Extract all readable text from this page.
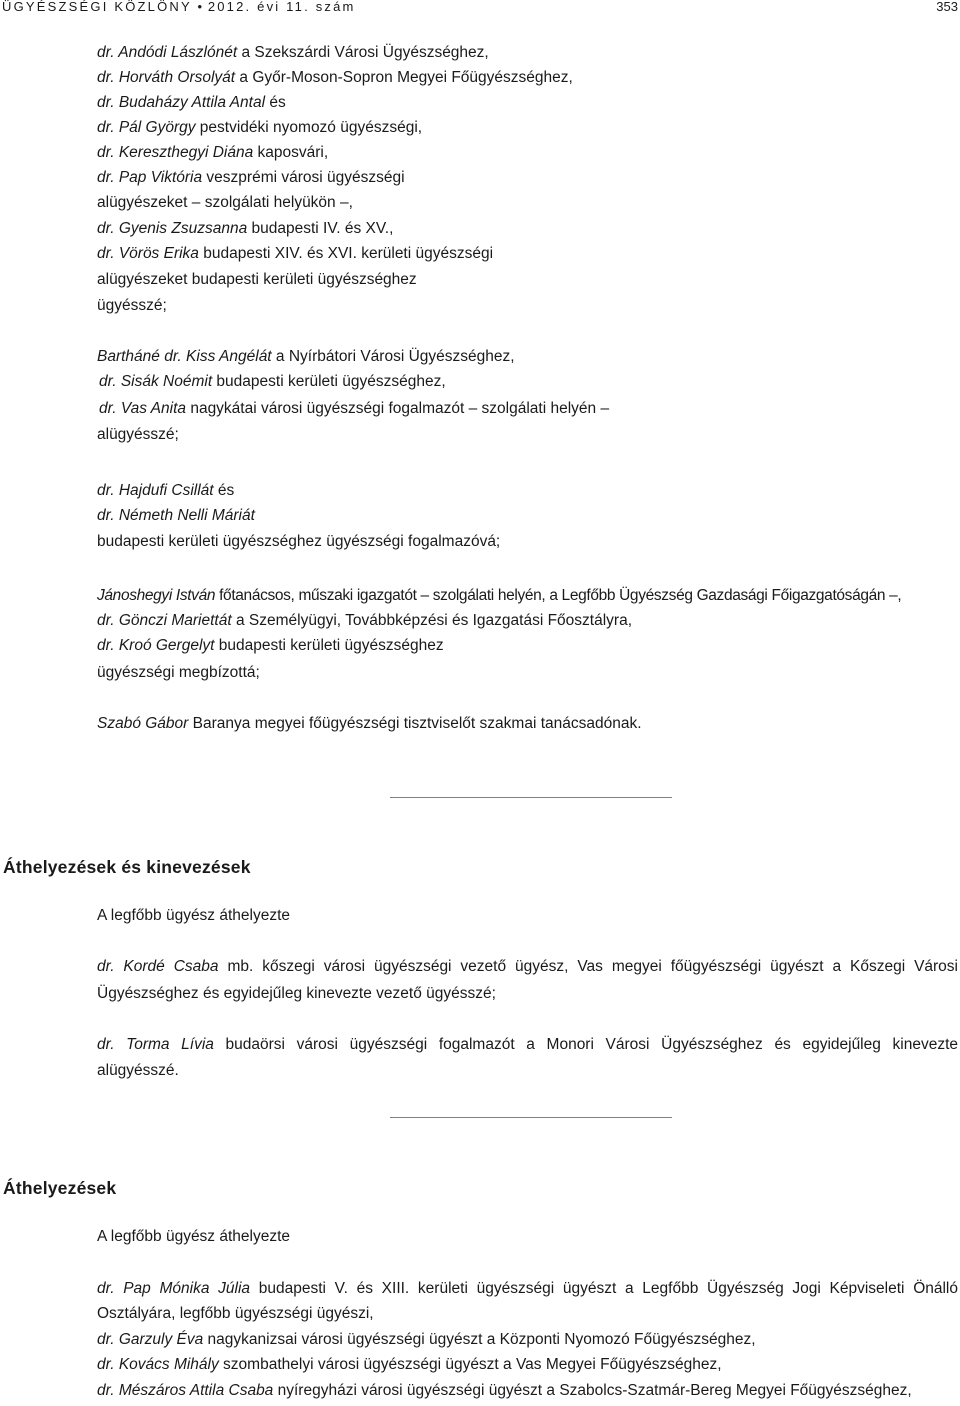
ÜGYÉSZSÉGI KÖZLÖNY • 2012. évi 11. szám	353
dr. Andódi Lászlónét a Szekszárdi Városi Ügyészséghez,
dr. Horváth Orsolyát a Győr-Moson-Sopron Megyei Főügyészséghez,
dr. Budaházy Attila Antal és
dr. Pál György pestvidéki nyomozó ügyészségi,
dr. Kereszthegyi Diána kaposvári,
dr. Pap Viktória veszprémi városi ügyészségi
alügyészeket – szolgálati helyükön –,
dr. Gyenis Zsuzsanna budapesti IV. és XV.,
dr. Vörös Erika budapesti XIV. és XVI. kerületi ügyészségi
alügyészeket budapesti kerületi ügyészséghez
ügyésszé;
Bartháné dr. Kiss Angélát a Nyírbátori Városi Ügyészséghez,
dr. Sisák Noémit budapesti kerületi ügyészséghez,
dr. Vas Anita nagykátai városi ügyészségi fogalmazót – szolgálati helyén –
alügyésszé;
dr. Hajdufi Csillát és
dr. Németh Nelli Máriát
budapesti kerületi ügyészséghez ügyészségi fogalmazóvá;
Jánoshegyi István főtanácsos, műszaki igazgatót – szolgálati helyén, a Legfőbb Ügyészség Gazdasági Főigazgatóságán –,
dr. Gönczi Mariettát a Személyügyi, Továbbképzési és Igazgatási Főosztályra,
dr. Kroó Gergelyt budapesti kerületi ügyészséghez
ügyészségi megbízottá;
Szabó Gábor Baranya megyei főügyészségi tisztviselőt szakmai tanácsadónak.
Áthelyezések és kinevezések
A legfőbb ügyész áthelyezte
dr. Kordé Csaba mb. kőszegi városi ügyészségi vezető ügyész, Vas megyei főügyészségi ügyészt a Kőszegi Városi
Ügyészséghez és egyidejűleg kinevezte vezető ügyésszé;
dr. Torma Lívia budaörsi városi ügyészségi fogalmazót a Monori Városi Ügyészséghez és egyidejűleg kinevezte
alügyésszé.
Áthelyezések
A legfőbb ügyész áthelyezte
dr. Pap Mónika Júlia budapesti V. és XIII. kerületi ügyészségi ügyészt a Legfőbb Ügyészség Jogi Képviseleti Önálló
Osztályára, legfőbb ügyészségi ügyészi,
dr. Garzuly Éva nagykanizsai városi ügyészségi ügyészt a Központi Nyomozó Főügyészséghez,
dr. Kovács Mihály szombathelyi városi ügyészségi ügyészt a Vas Megyei Főügyészséghez,
dr. Mészáros Attila Csaba nyíregyházi városi ügyészségi ügyészt a Szabolcs-Szatmár-Bereg Megyei Főügyészséghez,
